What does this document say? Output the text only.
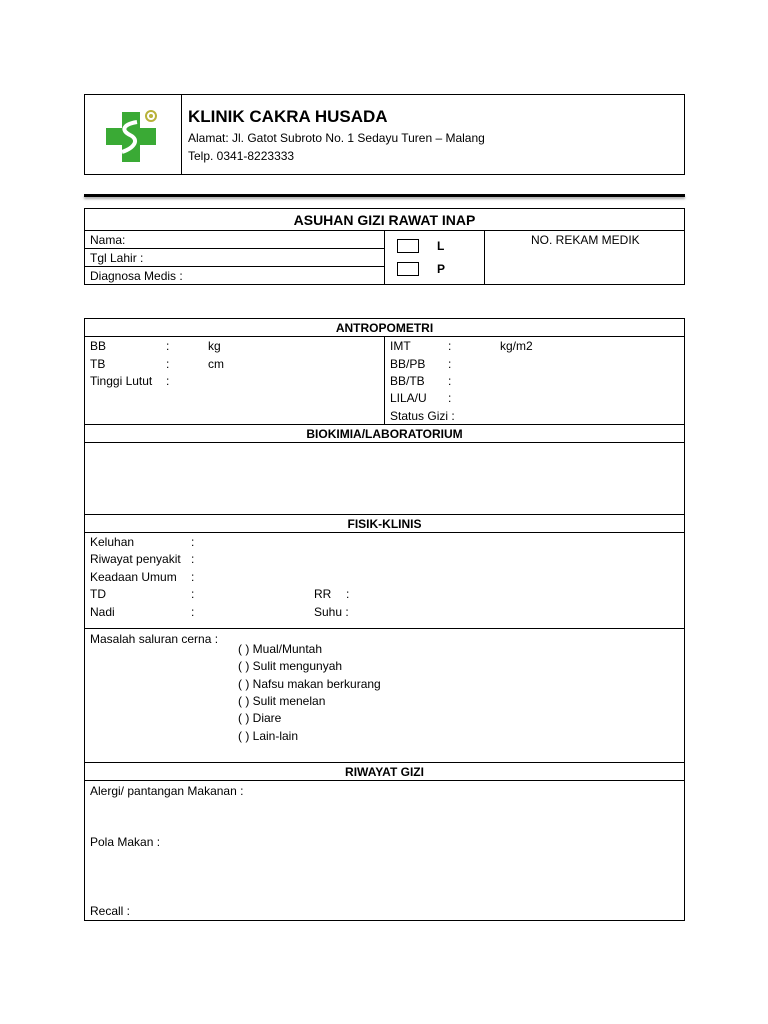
KLINIK CAKRA HUSADA
Alamat: Jl. Gatot Subroto No. 1 Sedayu Turen – Malang
Telp. 0341-8223333
ASUHAN GIZI RAWAT INAP
Nama:
Tgl Lahir :
Diagnosa Medis :
L
P
NO. REKAM MEDIK
ANTROPOMETRI
BB	:	kg
TB	:	cm
Tinggi Lutut :
IMT	:	kg/m2
BB/PB :
BB/TB :
LILA/U :
Status Gizi :
BIOKIMIA/LABORATORIUM
FISIK-KLINIS
Keluhan	:
Riwayat penyakit :
Keadaan Umum :
TD	:	RR :
Nadi	:	Suhu :
Masalah saluran cerna :
( ) Mual/Muntah
( ) Sulit mengunyah
( ) Nafsu makan berkurang
( ) Sulit menelan
( ) Diare
( ) Lain-lain
RIWAYAT GIZI
Alergi/ pantangan Makanan :
Pola Makan :
Recall :
